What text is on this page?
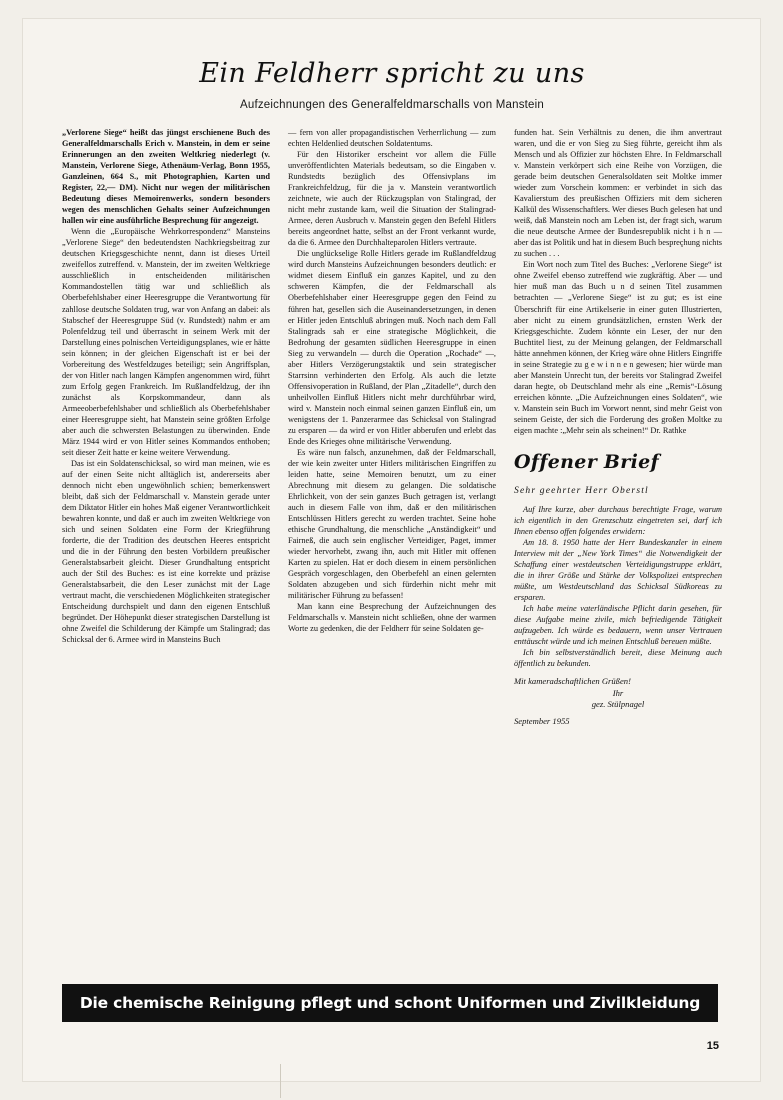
Ein Feldherr spricht zu uns
Aufzeichnungen des Generalfeldmarschalls von Manstein

„Verlorene Siege“ heißt das jüngst erschienene Buch des Generalfeldmarschalls Erich v. Manstein, in dem er seine Erinnerungen an den zweiten Weltkrieg niederlegt (v. Manstein, Verlorene Siege, Athenäum-Verlag, Bonn 1955, Ganzleinen, 664 S., mit Photographien, Karten und Register, 22,— DM). Nicht nur wegen der militärischen Bedeutung dieses Memoirenwerks, sondern besonders wegen des menschlichen Gehalts seiner Aufzeichnungen hallen wir eine ausführliche Besprechung für angezeigt.

Wenn die „Europäische Wehrkorrespondenz“ Mansteins „Verlorene Siege“ den bedeutendsten Nachkriegsbeitrag zur deutschen Kriegsgeschichte nennt, dann ist dieses Urteil zweifellos zutreffend. v. Manstein, der im zweiten Weltkriege ausschließlich in entscheidenden militärischen Kommandostellen tätig war und schließlich als Oberbefehlshaber einer Heeresgruppe die Verantwortung für zahllose deutsche Soldaten trug, war von Anfang an dabei: als Stabschef der Heeresgruppe Süd (v. Rundstedt) nahm er am Polenfeldzug teil und überrascht in seinem Werk mit der Darstellung eines polnischen Verteidigungsplanes, wie er hätte sein können; in der gleichen Eigenschaft ist er bei der Vorbereitung des Westfeldzuges beteiligt; sein Angriffsplan, der von Hitler nach langen Kämpfen angenommen wird, führt zum Erfolg gegen Frankreich. Im Rußlandfeldzug, der ihn zunächst als Korpskommandeur, dann als Armeeoberbefehlshaber und schließlich als Oberbefehlshaber einer Heeresgruppe sieht, hat Manstein seine größten Erfolge aber auch die schwersten Belastungen zu überwinden. Ende März 1944 wird er von Hitler seines Kommandos enthoben; seit dieser Zeit hatte er keine weitere Verwendung.

Das ist ein Soldatenschicksal, so wird man meinen, wie es auf der einen Seite nicht alltäglich ist, andererseits aber dennoch nicht eben ungewöhnlich schien; bemerkenswert bleibt, daß sich der Feldmarschall v. Manstein gerade unter dem Diktator Hitler ein hohes Maß eigener Verantwortlichkeit bewahren konnte, und daß er auch im zweiten Weltkriege von sich und seinen Soldaten eine Form der Kriegführung forderte, die der Tradition des deutschen Heeres entspricht und die in der Führung den besten Vorbildern preußischer Generalstabsarbeit gleicht. Dieser Grundhaltung entspricht auch der Stil des Buches: es ist eine korrekte und präzise Generalstabsarbeit, die den Leser zunächst mit der Lage vertraut macht, die verschiedenen Möglichkeiten strategischer Entscheidung durchspielt und dann den eigenen Entschluß begründet. Der Höhepunkt dieser strategischen Darstellung ist ohne Zweifel die Schilderung der Kämpfe um Stalingrad; das Schicksal der 6. Armee wird in Mansteins Buch

— fern von aller propagandistischen Verherrlichung — zum echten Heldenlied deutschen Soldatentums.

Für den Historiker erscheint vor allem die Fülle unveröffentlichten Materials bedeutsam, so die Eingaben v. Rundstedts bezüglich des Offensivplans im Frankreichfeldzug, für die ja v. Manstein verantwortlich zeichnete, wie auch der Rückzugsplan von Stalingrad, der nicht mehr zustande kam, weil die Situation der Stalingrad-Armee, deren Ausbruch v. Manstein gegen den Befehl Hitlers bereits angeordnet hatte, selbst an der Front verkannt wurde, da die 6. Armee den Durchhalteparolen Hitlers vertraute.

Die unglückselige Rolle Hitlers gerade im Rußlandfeldzug wird durch Mansteins Aufzeichnungen besonders deutlich: er widmet diesem Einfluß ein ganzes Kapitel, und zu den schweren Kämpfen, die der Feldmarschall als Oberbefehlshaber einer Heeresgruppe gegen den Feind zu führen hat, gesellen sich die Auseinandersetzungen, in denen er Hitler jeden Entschluß abringen muß. Noch nach dem Fall Stalingrads sah er eine strategische Möglichkeit, die Bedrohung der gesamten südlichen Heeresgruppe in einen Sieg zu verwandeln — durch die Operation „Rochade“ —, aber Hitlers Verzögerungstaktik und sein strategischer Starrsinn verhinderten den Erfolg. Als auch die letzte Offensivoperation in Rußland, der Plan „Zitadelle“, durch den unheilvollen Einfluß Hitlers nicht mehr durchführbar wird, wird v. Manstein noch einmal seinen ganzen Einfluß ein, um wenigstens der 1. Panzerarmee das Schicksal von Stalingrad zu ersparen — da wird er von Hitler abberufen und erlebt das Ende des Krieges ohne militärische Verwendung.

Es wäre nun falsch, anzunehmen, daß der Feldmarschall, der wie kein zweiter unter Hitlers militärischen Eingriffen zu leiden hatte, seine Memoiren benutzt, um zu einer Abrechnung mit diesem zu gelangen. Die soldatische Ehrlichkeit, von der sein ganzes Buch getragen ist, verlangt auch in diesem Falle von ihm, daß er den militärischen Entschlüssen Hitlers gerecht zu werden trachtet. Seine hohe ethische Grundhaltung, die menschliche „Anständigkeit“ und Fairneß, die auch sein englischer Verteidiger, Paget, immer wieder hervorhebt, zwang ihn, auch mit Hitler mit offenen Karten zu spielen. Hat er doch diesem in einem persönlichen Gespräch vorgeschlagen, den Oberbefehl an einen gelernten Soldaten abzugeben und sich fürderhin nicht mehr mit militärischer Führung zu befassen!

Man kann eine Besprechung der Aufzeichnungen des Feldmarschalls v. Manstein nicht schließen, ohne der warmen Worte zu gedenken, die der Feldherr für seine Soldaten ge-

funden hat. Sein Verhältnis zu denen, die ihm anvertraut waren, und die er von Sieg zu Sieg führte, gereicht ihm als Mensch und als Offizier zur höchsten Ehre. In Feldmarschall v. Manstein verkörpert sich eine Reihe von Vorzügen, die gerade beim deutschen Generalsoldaten seit Moltke immer wieder zum Vorschein kommen: er verbindet in sich das Kavalierstum des preußischen Offiziers mit dem sicheren Kalkül des Wissenschaftlers. Wer dieses Buch gelesen hat und weiß, daß Manstein noch am Leben ist, der fragt sich, warum die neue deutsche Armee der Bundesrepublik nicht i h n — aber das ist Politik und hat in diesem Buch bespreçhung nichts zu suchen . . .

Ein Wort noch zum Titel des Buches: „Verlorene Siege“ ist ohne Zweifel ebenso zutreffend wie zugkräftig. Aber — und hier muß man das Buch u n d seinen Titel zusammen betrachten — „Verlorene Siege“ ist zu gut; es ist eine Überschrift für eine Artikelserie in einer guten Illustrierten, aber nicht zu einem grundsätzlichen, ernsten Werk der Kriegsgeschichte. Zudem könnte ein Leser, der nur den Buchtitel liest, zu der Meinung gelangen, der Feldmarschall hätte annehmen können, der Krieg wäre ohne Hitlers Eingriffe in seine Strategie zu g e w i n n e n gewesen; hier würde man aber Manstein Unrecht tun, der bereits vor Stalingrad Zweifel daran hegte, ob Deutschland mehr als eine „Remis“-Lösung erreichen könnte. „Die Aufzeichnungen eines Soldaten“, wie v. Manstein sein Buch im Vorwort nennt, sind mehr Geist von seinem Geiste, der sich die Forderung des großen Moltke zu eigen machte :„Mehr sein als scheinen!“ Dr. Rathke

Offener Brief
Sehr geehrter Herr Oberstl

Auf Ihre kurze, aber durchaus berechtigte Frage, warum ich eigentlich in den Grenzschutz eingetreten sei, darf ich Ihnen ebenso offen folgendes erwidern:

Am 18. 8. 1950 hatte der Herr Bundeskanzler in einem Interview mit der „New York Times“ die Notwendigkeit der Schaffung einer westdeutschen Verteidigungstruppe erklärt, die in ihrer Größe und Stärke der Volkspolizei entsprechen müßte, um Westdeutschland das Schicksal Südkoreas zu ersparen.

Ich habe meine vaterländische Pflicht darin gesehen, für diese Aufgabe meine zivile, mich befriedigende Tätigkeit aufzugeben. Ich würde es bedauern, wenn unser Vertrauen enttäuscht würde und ich meinen Entschluß bereuen müßte.

Ich bin selbstverständlich bereit, diese Meinung auch öffentlich zu bekunden.

Mit kameradschaftlichen Grüßen!
Ihr
gez. Stülpnagel
September 1955
Die chemische Reinigung pflegt und schont Uniformen und Zivilkleidung
15
